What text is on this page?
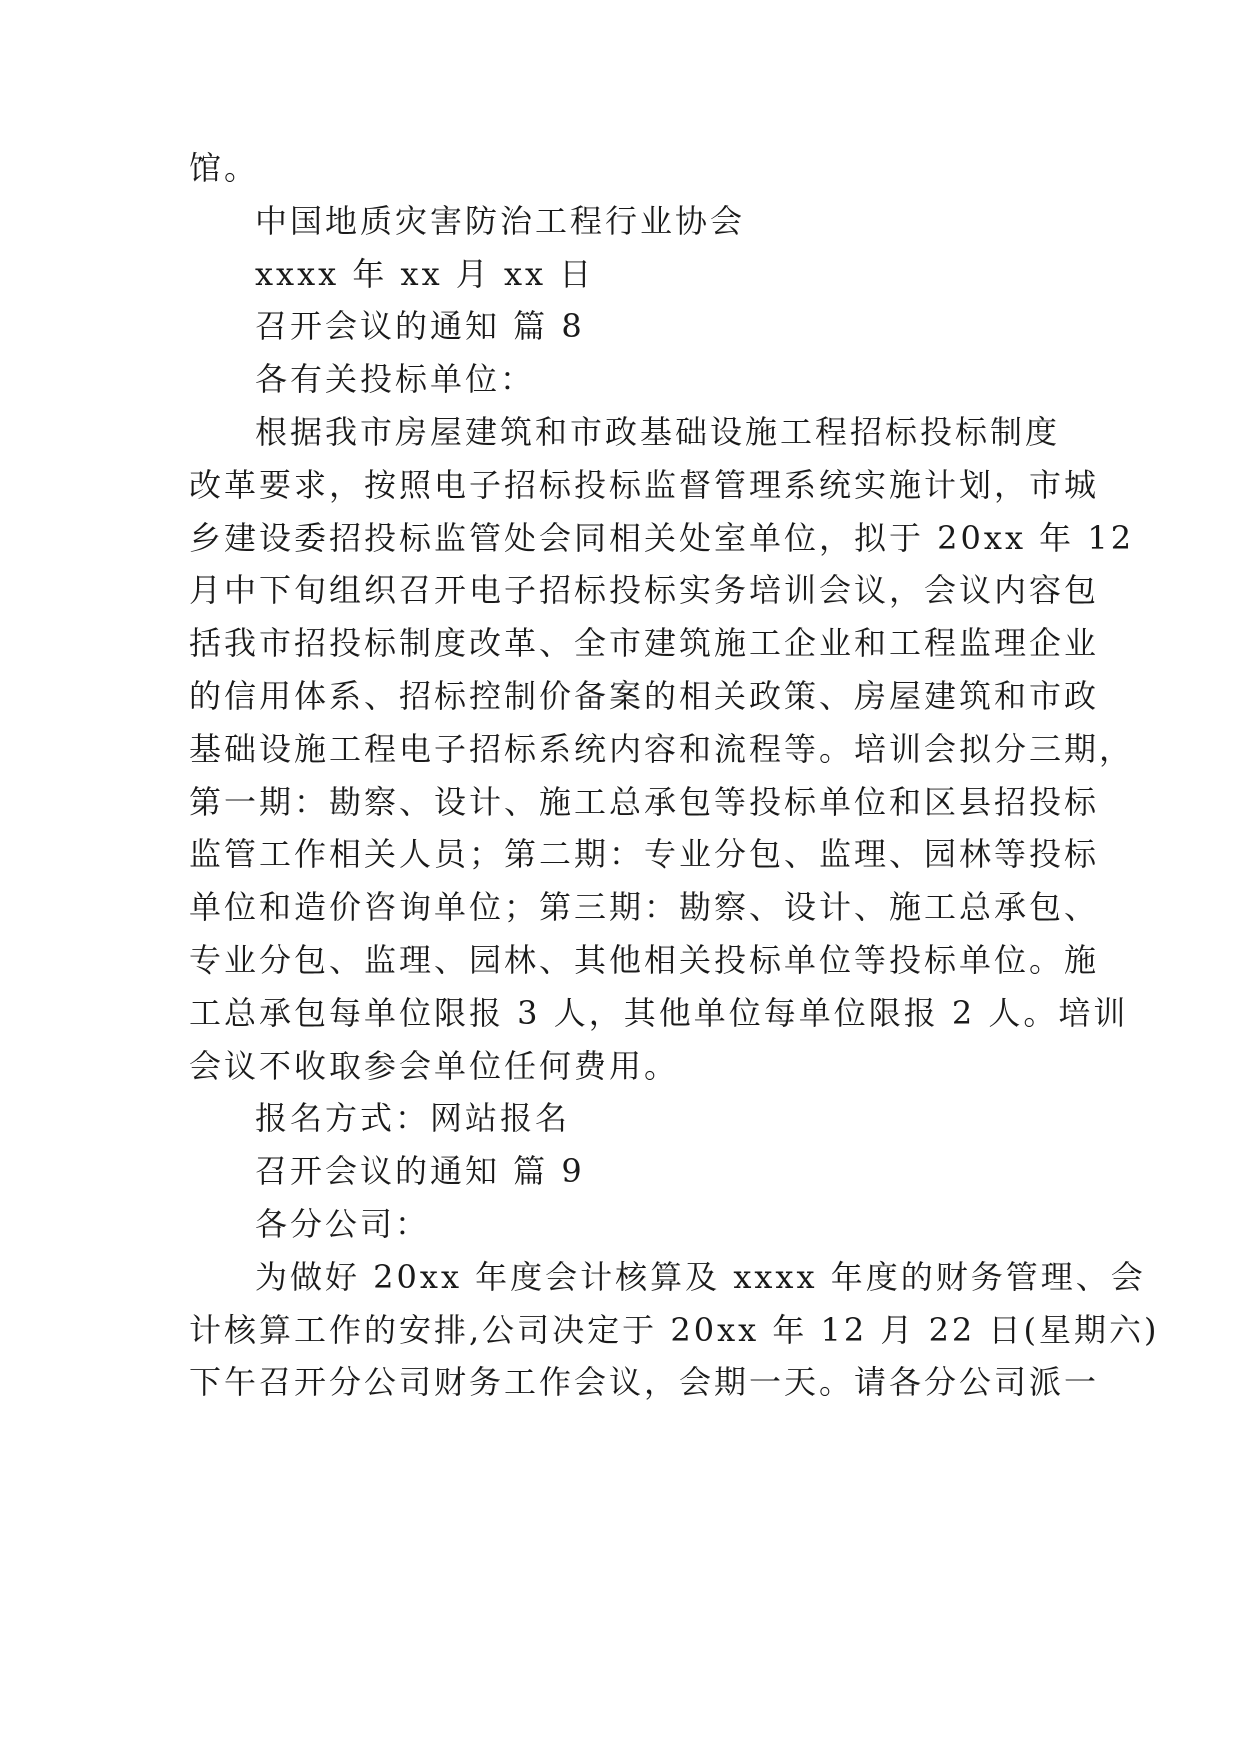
馆。
中国地质灾害防治工程行业协会
xxxx 年 xx 月 xx 日
召开会议的通知 篇 8
各有关投标单位：
根据我市房屋建筑和市政基础设施工程招标投标制度
改革要求，按照电子招标投标监督管理系统实施计划，市城
乡建设委招投标监管处会同相关处室单位，拟于 20xx 年 12
月中下旬组织召开电子招标投标实务培训会议，会议内容包
括我市招投标制度改革、全市建筑施工企业和工程监理企业
的信用体系、招标控制价备案的相关政策、房屋建筑和市政
基础设施工程电子招标系统内容和流程等。培训会拟分三期，
第一期：勘察、设计、施工总承包等投标单位和区县招投标
监管工作相关人员；第二期：专业分包、监理、园林等投标
单位和造价咨询单位；第三期：勘察、设计、施工总承包、
专业分包、监理、园林、其他相关投标单位等投标单位。施
工总承包每单位限报 3 人，其他单位每单位限报 2 人。培训
会议不收取参会单位任何费用。
报名方式：网站报名
召开会议的通知 篇 9
各分公司：
为做好 20xx 年度会计核算及 xxxx 年度的财务管理、会
计核算工作的安排,公司决定于 20xx 年 12 月 22 日(星期六)
下午召开分公司财务工作会议，会期一天。请各分公司派一
